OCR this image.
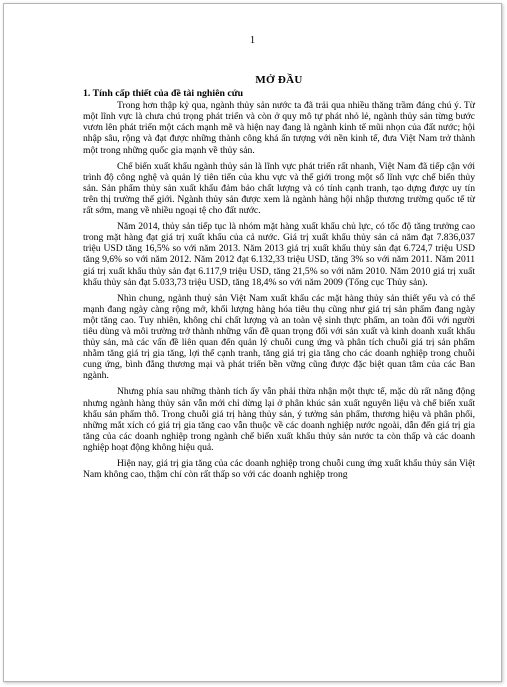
1
MỞ ĐẦU
1. Tính cấp thiết của đề tài nghiên cứu

Trong hơn thập kỷ qua, ngành thủy sản nước ta đã trải qua nhiều thăng trầm đáng chú ý. Từ một lĩnh vực là chưa chú trọng phát triển và còn ở quy mô tự phát nhỏ lẻ, ngành thủy sản từng bước vươn lên phát triển một cách mạnh mẽ và hiện nay đang là ngành kinh tế mũi nhọn của đất nước; hội nhập sâu, rộng và đạt được những thành công khá ấn tượng với nền kinh tế, đưa Việt Nam trở thành một trong những quốc gia mạnh về thủy sản.

Chế biến xuất khẩu ngành thủy sản là lĩnh vực phát triển rất nhanh, Việt Nam đã tiếp cận với trình độ công nghệ và quản lý tiên tiến của khu vực và thế giới trong một số lĩnh vực chế biến thủy sản. Sản phẩm thủy sản xuất khẩu đảm bảo chất lượng và có tính cạnh tranh, tạo dựng được uy tín trên thị trường thế giới. Ngành thủy sản được xem là ngành hàng hội nhập thương trường quốc tế từ rất sớm, mang về nhiều ngoại tệ cho đất nước.

Năm 2014, thủy sản tiếp tục là nhóm mặt hàng xuất khẩu chủ lực, có tốc độ tăng trưởng cao trong mặt hàng đạt giá trị xuất khẩu của cả nước. Giá trị xuất khẩu thủy sản cả năm đạt 7.836,037 triệu USD tăng 16,5% so với năm 2013. Năm 2013 giá trị xuất khẩu thủy sản đạt 6.724,7 triệu USD tăng 9,6% so với năm 2012. Năm 2012 đạt 6.132,33 triệu USD, tăng 3% so với năm 2011. Năm 2011 giá trị xuất khẩu thủy sản đạt 6.117,9 triệu USD, tăng 21,5% so với năm 2010. Năm 2010 giá trị xuất khẩu thủy sản đạt 5.033,73 triệu USD, tăng 18,4% so với năm 2009 (Tổng cục Thủy sản).

Nhìn chung, ngành thuỷ sản Việt Nam xuất khẩu các mặt hàng thủy sản thiết yếu và có thể mạnh đang ngày càng rộng mở, khối lượng hàng hóa tiêu thụ cũng như giá trị sản phẩm đang ngày một tăng cao. Tuy nhiên, không chỉ chất lượng và an toàn vệ sinh thực phẩm, an toàn đối với người tiêu dùng và môi trường trở thành những vấn đề quan trọng đối với sản xuất và kinh doanh xuất khẩu thủy sản, mà các vấn đề liên quan đến quản lý chuỗi cung ứng và phân tích chuỗi giá trị sản phẩm nhằm tăng giá trị gia tăng, lợi thế cạnh tranh, tăng giá trị gia tăng cho các doanh nghiệp trong chuỗi cung ứng, bình đẳng thương mại và phát triển bền vững cũng được đặc biệt quan tâm của các Ban ngành.

Nhưng phía sau những thành tích ấy vẫn phải thừa nhận một thực tế, mặc dù rất năng động nhưng ngành hàng thủy sản vẫn mới chỉ dừng lại ở phân khúc sản xuất nguyên liệu và chế biến xuất khẩu sản phẩm thô. Trong chuỗi giá trị hàng thủy sản, ý tưởng sản phẩm, thương hiệu và phân phối, những mắt xích có giá trị gia tăng cao vẫn thuộc về các doanh nghiệp nước ngoài, dẫn đến giá trị gia tăng của các doanh nghiệp trong ngành chế biến xuất khẩu thủy sản nước ta còn thấp và các doanh nghiệp hoạt động không hiệu quả.

Hiện nay, giá trị gia tăng của các doanh nghiệp trong chuỗi cung ứng xuất khẩu thủy sản Việt Nam không cao, thậm chí còn rất thấp so với các doanh nghiệp trong
